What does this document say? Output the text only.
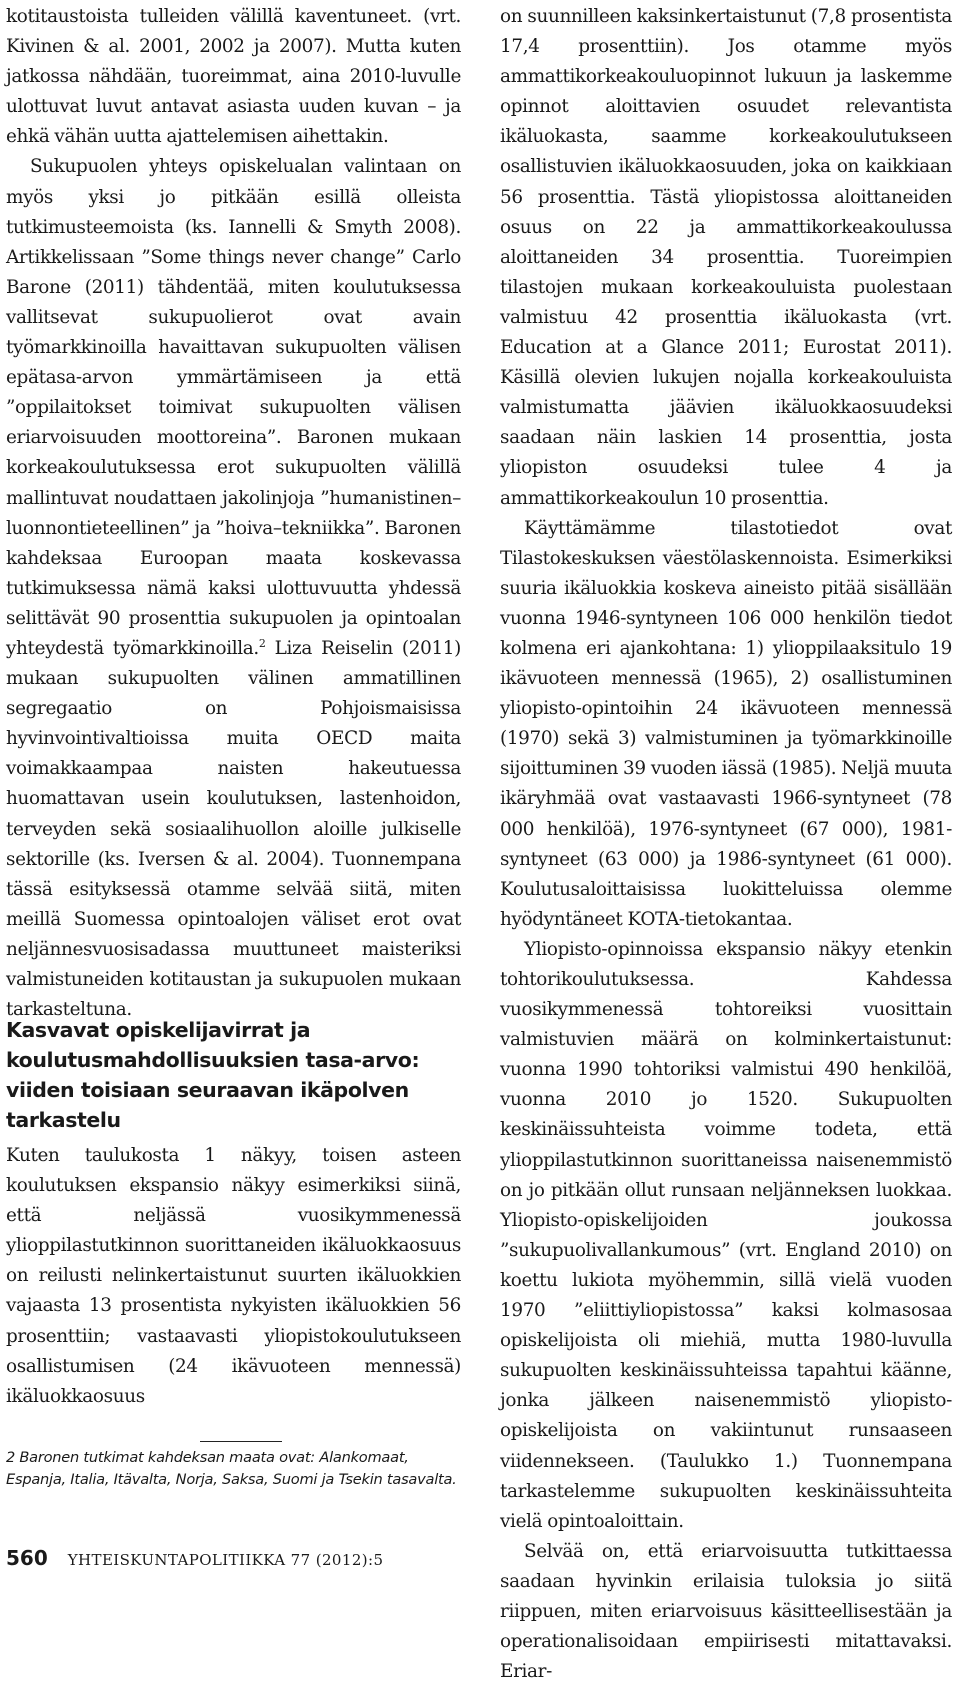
kotitaustoista tulleiden välillä kaventuneet. (vrt. Kivinen & al. 2001, 2002 ja 2007). Mutta kuten jatkossa nähdään, tuoreimmat, aina 2010-luvulle ulottuvat luvut antavat asiasta uuden kuvan – ja ehkä vähän uutta ajattelemisen aihettakin.

Sukupuolen yhteys opiskelualan valintaan on myös yksi jo pitkään esillä olleista tutkimusteemoista (ks. Iannelli & Smyth 2008). Artikkelissaan ”Some things never change” Carlo Barone (2011) tähdentää, miten koulutuksessa vallitsevat sukupuolierot ovat avain työmarkkinoilla havaittavan sukupuolten välisen epätasa-arvon ymmärtämiseen ja että ”oppilaitokset toimivat sukupuolten välisen eriarvoisuuden moottoreina”. Baronen mukaan korkeakoulutuksessa erot sukupuolten välillä mallintuvat noudattaen jakolinjoja ”humanistinen–luonnontieteellinen” ja ”hoiva–tekniikka”. Baronen kahdeksaa Euroopan maata koskevassa tutkimuksessa nämä kaksi ulottuvuutta yhdessä selittävät 90 prosenttia sukupuolen ja opintoalan yhteydestä työmarkkinoilla.$^2$ Liza Reiselin (2011) mukaan sukupuolten välinen ammatillinen segregaatio on Pohjoismaisissa hyvinvointivaltioissa muita OECD maita voimakkaampaa naisten hakeutuessa huomattavan usein koulutuksen, lastenhoidon, terveyden sekä sosiaalihuollon aloille julkiselle sektorille (ks. Iversen & al. 2004). Tuonnempana tässä esityksessä otamme selvää siitä, miten meillä Suomessa opintoalojen väliset erot ovat neljännesvuosisadassa muuttuneet maisteriksi valmistuneiden kotitaustan ja sukupuolen mukaan tarkasteltuna.

Kasvavat opiskelijavirrat ja koulutusmahdollisuuksien tasa-arvo: viiden toisiaan seuraavan ikäpolven tarkastelu

Kuten taulukosta 1 näkyy, toisen asteen koulutuksen ekspansio näkyy esimerkiksi siinä, että neljässä vuosikymmenessä ylioppilastutkinnon suorittaneiden ikäluokkaosuus on reilusti nelinkertaistunut suurten ikäluokkien vajaasta 13 prosentista nykyisten ikäluokkien 56 prosenttiin; vastaavasti yliopistokoulutukseen osallistumisen (24 ikävuoteen mennessä) ikäluokkaosuus

2 Baronen tutkimat kahdeksan maata ovat: Alankomaat, Espanja, Italia, Itävalta, Norja, Saksa, Suomi ja Tsekin tasavalta.

on suunnilleen kaksinkertaistunut (7,8 prosentista 17,4 prosenttiin). Jos otamme myös ammattikorkeakouluopinnot lukuun ja laskemme opinnot aloittavien osuudet relevantista ikäluokasta, saamme korkeakoulutukseen osallistuvien ikäluokkaosuuden, joka on kaikkiaan 56 prosenttia. Tästä yliopistossa aloittaneiden osuus on 22 ja ammattikorkeakoulussa aloittaneiden 34 prosenttia. Tuoreimpien tilastojen mukaan korkeakouluista puolestaan valmistuu 42 prosenttia ikäluokasta (vrt. Education at a Glance 2011; Eurostat 2011). Käsillä olevien lukujen nojalla korkeakouluista valmistumatta jäävien ikäluokkaosuudeksi saadaan näin laskien 14 prosenttia, josta yliopiston osuudeksi tulee 4 ja ammattikorkeakoulun 10 prosenttia.

Käyttämämme tilastotiedot ovat Tilastokeskuksen väestölaskennoista. Esimerkiksi suuria ikäluokkia koskeva aineisto pitää sisällään vuonna 1946-syntyneen 106 000 henkilön tiedot kolmena eri ajankohtana: 1) ylioppilaaksitulo 19 ikävuoteen mennessä (1965), 2) osallistuminen yliopisto-opintoihin 24 ikävuoteen mennessä (1970) sekä 3) valmistuminen ja työmarkkinoille sijoittuminen 39 vuoden iässä (1985). Neljä muuta ikäryhmää ovat vastaavasti 1966-syntyneet (78 000 henkilöä), 1976-syntyneet (67 000), 1981-syntyneet (63 000) ja 1986-syntyneet (61 000). Koulutusaloittaisissa luokitteluissa olemme hyödyntäneet KOTA-tietokantaa.

Yliopisto-opinnoissa ekspansio näkyy etenkin tohtorikoulutuksessa. Kahdessa vuosikymmenessä tohtoreiksi vuosittain valmistuvien määrä on kolminkertaistunut: vuonna 1990 tohtoriksi valmistui 490 henkilöä, vuonna 2010 jo 1520. Sukupuolten keskinäissuhteista voimme todeta, että ylioppilastutkinnon suorittaneissa naisenemmistö on jo pitkään ollut runsaan neljänneksen luokkaa. Yliopisto-opiskelijoiden joukossa ”sukupuolivallankumous” (vrt. England 2010) on koettu lukiota myöhemmin, sillä vielä vuoden 1970 ”eliittiyliopistossa” kaksi kolmasosaa opiskelijoista oli miehiä, mutta 1980-luvulla sukupuolten keskinäissuhteissa tapahtui käänne, jonka jälkeen naisenemmistö yliopisto-opiskelijoista on vakiintunut runsaaseen viidennekseen. (Taulukko 1.) Tuonnempana tarkastelemme sukupuolten keskinäissuhteita vielä opintoaloittain.

Selvää on, että eriarvoisuutta tutkittaessa saadaan hyvinkin erilaisia tuloksia jo siitä riippuen, miten eriarvoisuus käsitteellisestään ja operationalisoidaan empiirisesti mitattavaksi. Eriar-

560 YHTEISKUNTAPOLITIIKKA 77 (2012):5
